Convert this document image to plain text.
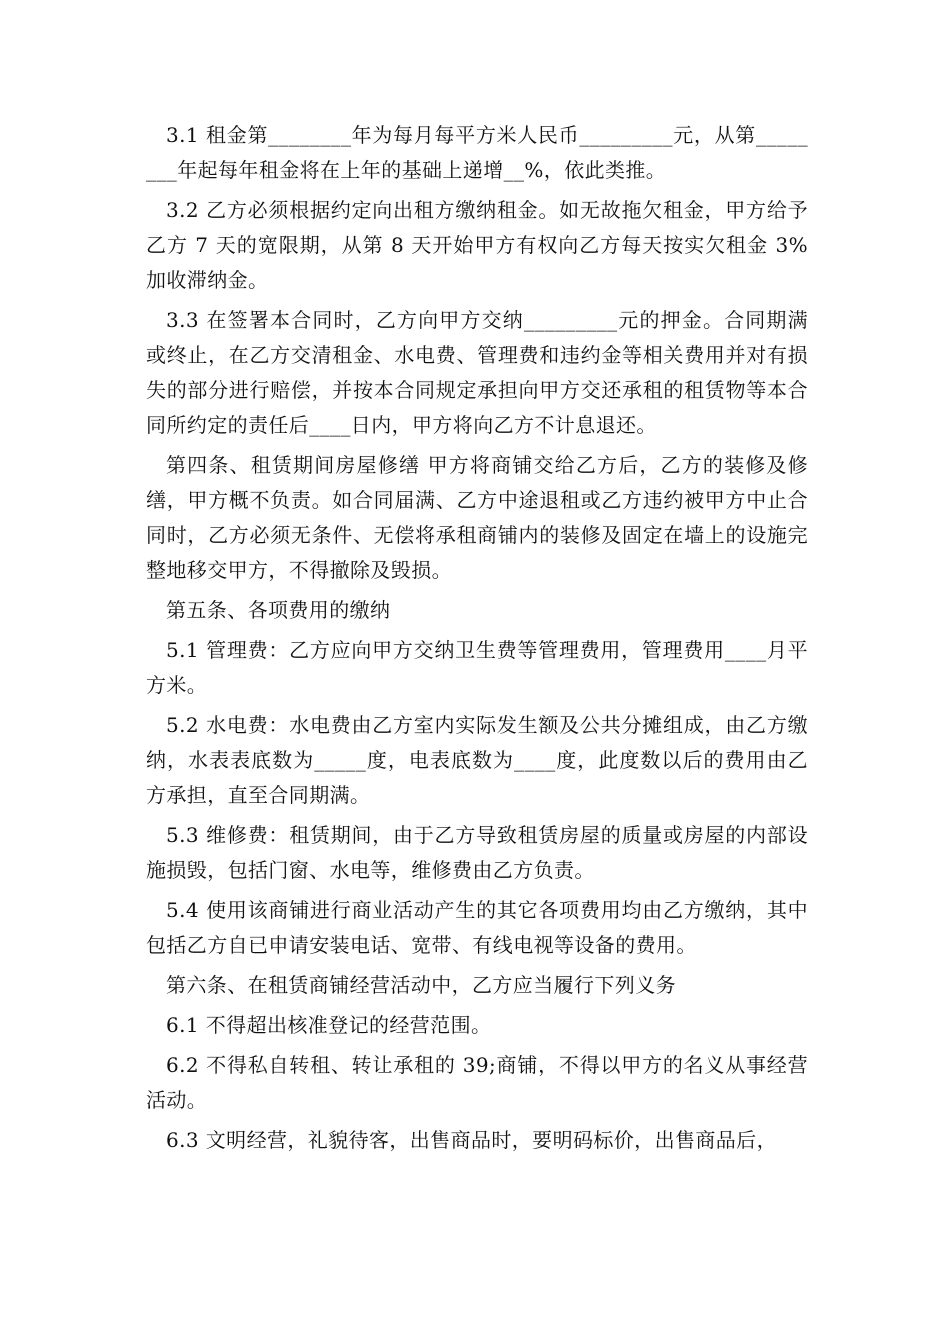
3.1 租金第________年为每月每平方米人民币_________元，从第________年起每年租金将在上年的基础上递增__%，依此类推。

3.2 乙方必须根据约定向出租方缴纳租金。如无故拖欠租金，甲方给予乙方 7 天的宽限期，从第 8 天开始甲方有权向乙方每天按实欠租金 3%加收滞纳金。

3.3 在签署本合同时，乙方向甲方交纳_________元的押金。合同期满或终止，在乙方交清租金、水电费、管理费和违约金等相关费用并对有损失的部分进行赔偿，并按本合同规定承担向甲方交还承租的租赁物等本合同所约定的责任后____日内，甲方将向乙方不计息退还。

第四条、租赁期间房屋修缮 甲方将商铺交给乙方后，乙方的装修及修缮，甲方概不负责。如合同届满、乙方中途退租或乙方违约被甲方中止合同时，乙方必须无条件、无偿将承租商铺内的装修及固定在墙上的设施完整地移交甲方，不得撤除及毁损。

第五条、各项费用的缴纳

5.1 管理费：乙方应向甲方交纳卫生费等管理费用，管理费用____月平方米。

5.2 水电费：水电费由乙方室内实际发生额及公共分摊组成，由乙方缴纳，水表表底数为_____度，电表底数为____度，此度数以后的费用由乙方承担，直至合同期满。

5.3 维修费：租赁期间，由于乙方导致租赁房屋的质量或房屋的内部设施损毁，包括门窗、水电等，维修费由乙方负责。

5.4 使用该商铺进行商业活动产生的其它各项费用均由乙方缴纳，其中包括乙方自已申请安装电话、宽带、有线电视等设备的费用。

第六条、在租赁商铺经营活动中，乙方应当履行下列义务

6.1 不得超出核准登记的经营范围。

6.2 不得私自转租、转让承租的 39;商铺，不得以甲方的名义从事经营活动。

6.3 文明经营，礼貌待客，出售商品时，要明码标价，出售商品后，
